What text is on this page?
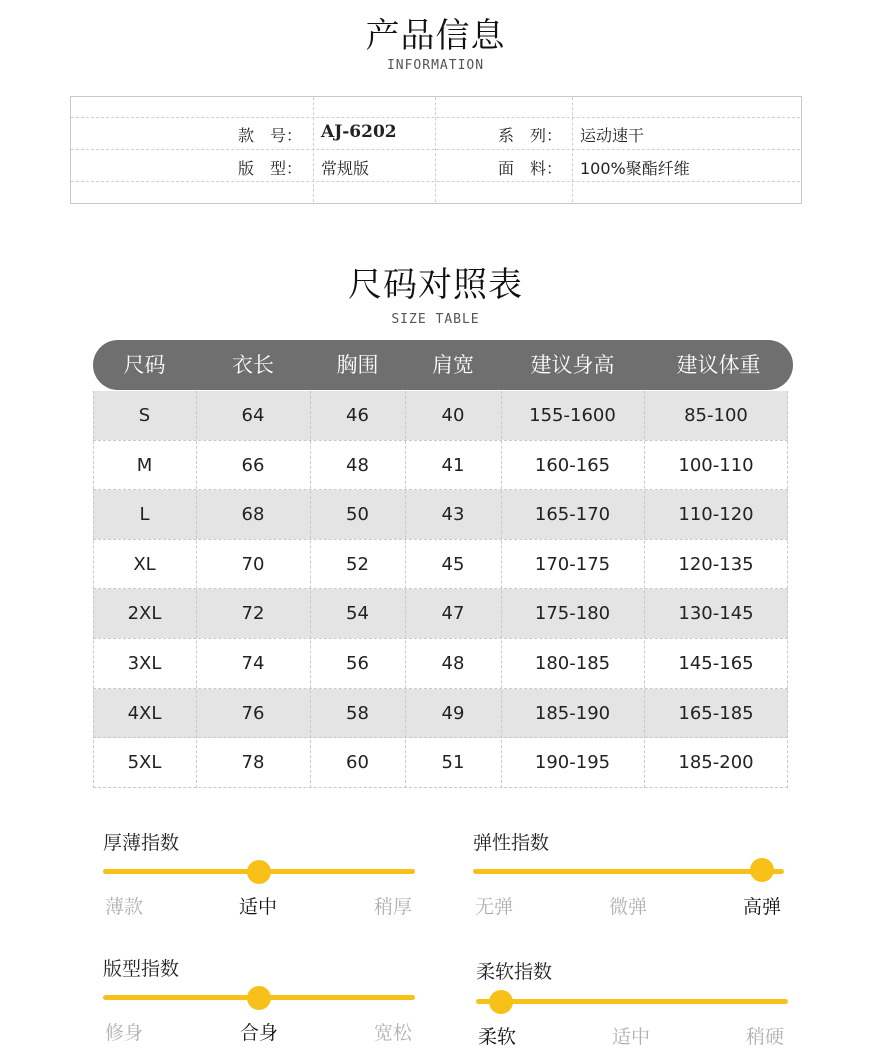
产品信息
INFORMATION
款　号： AJ-6202	系　列： 运动速干
版　型： 常规版	面　料： 100%聚酯纤维
尺码对照表
SIZE TABLE
尺码	衣长	胸围	肩宽	建议身高	建议体重
S	64	46	40	155-1600	85-100
M	66	48	41	160-165	100-110
L	68	50	43	165-170	110-120
XL	70	52	45	170-175	120-135
2XL	72	54	47	175-180	130-145
3XL	74	56	48	180-185	145-165
4XL	76	58	49	185-190	165-185
5XL	78	60	51	190-195	185-200
厚薄指数
薄款	适中	稍厚
弹性指数
无弹	微弹	高弹
版型指数
修身	合身	宽松
柔软指数
柔软	适中	稍硬
